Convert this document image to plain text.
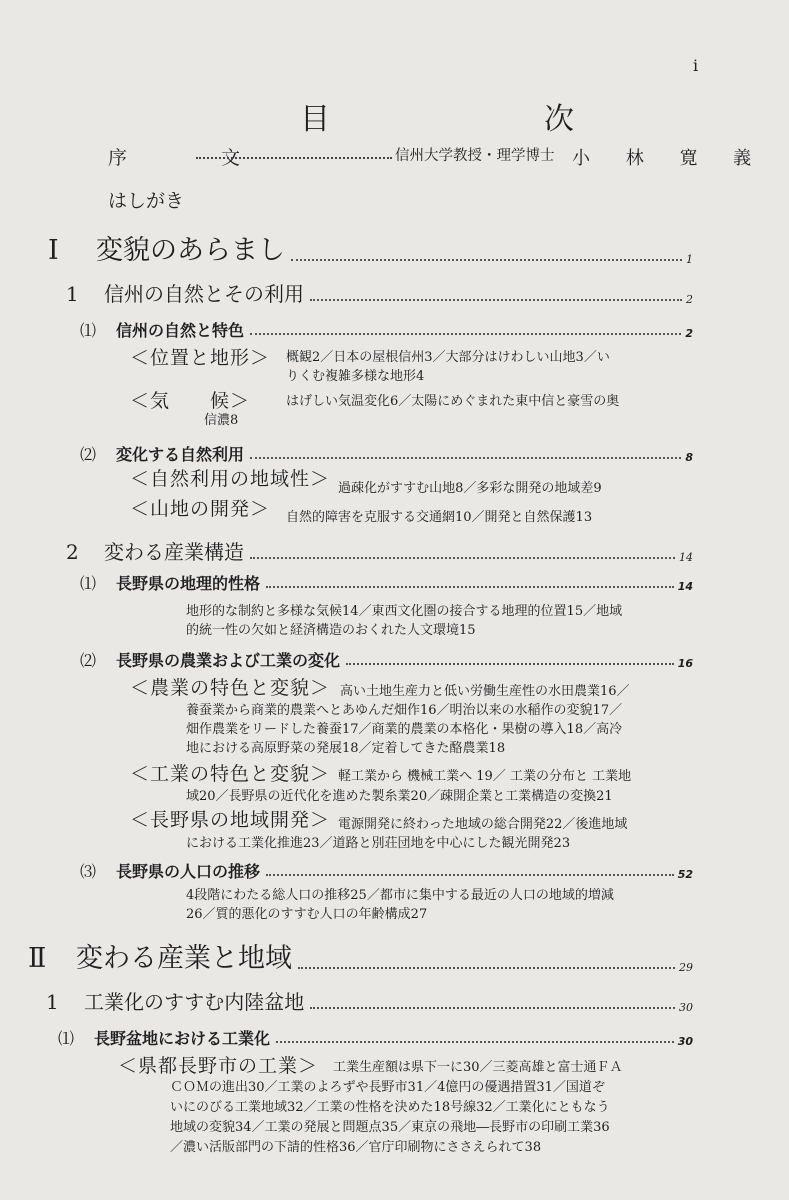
i
目　次
序 文	信州大学教授・理学博士 小 林 寛 義
はしがき
Ⅰ 変貌のあらまし	1
1 信州の自然とその利用	2
⑴ 信州の自然と特色	2
＜位置と地形＞ 概観2／日本の屋根信州3／大部分はけわしい山地3／い
りくむ複雑多様な地形4
＜気　　候＞	はげしい気温変化6／太陽にめぐまれた東中信と豪雪の奥
信濃8
⑵ 変化する自然利用	8
＜自然利用の地域性＞ 過疎化がすすむ山地8／多彩な開発の地域差9
＜山地の開発＞ 自然的障害を克服する交通網10／開発と自然保護13
2 変わる産業構造	14
⑴ 長野県の地理的性格	14
地形的な制約と多様な気候14／東西文化圏の接合する地理的位置15／地域
的統一性の欠如と経済構造のおくれた人文環境15
⑵ 長野県の農業および工業の変化	16
＜農業の特色と変貌＞ 高い土地生産力と低い労働生産性の水田農業16／
養蚕業から商業的農業へとあゆんだ畑作16／明治以来の水稲作の変貌17／
畑作農業をリードした養蚕17／商業的農業の本格化・果樹の導入18／高冷
地における高原野菜の発展18／定着してきた酪農業18
＜工業の特色と変貌＞ 軽工業から 機械工業へ 19／ 工業の分布と 工業地
域20／長野県の近代化を進めた製糸業20／疎開企業と工業構造の変換21
＜長野県の地域開発＞ 電源開発に終わった地域の総合開発22／後進地域
における工業化推進23／道路と別荘団地を中心にした観光開発23
⑶ 長野県の人口の推移	52
4段階にわたる総人口の推移25／都市に集中する最近の人口の地域的増減
26／質的悪化のすすむ人口の年齢構成27
Ⅱ 変わる産業と地域	29
1 工業化のすすむ内陸盆地	30
⑴ 長野盆地における工業化	30
＜県都長野市の工業＞ 工業生産額は県下一に30／三菱高雄と富士通ＦＡ
ＣＯＭの進出30／工業のよろずや長野市31／4億円の優遇措置31／国道ぞ
いにのびる工業地域32／工業の性格を決めた18号線32／工業化にともなう
地域の変貌34／工業の発展と問題点35／東京の飛地―長野市の印刷工業36
／濃い活版部門の下請的性格36／官庁印刷物にささえられて38
